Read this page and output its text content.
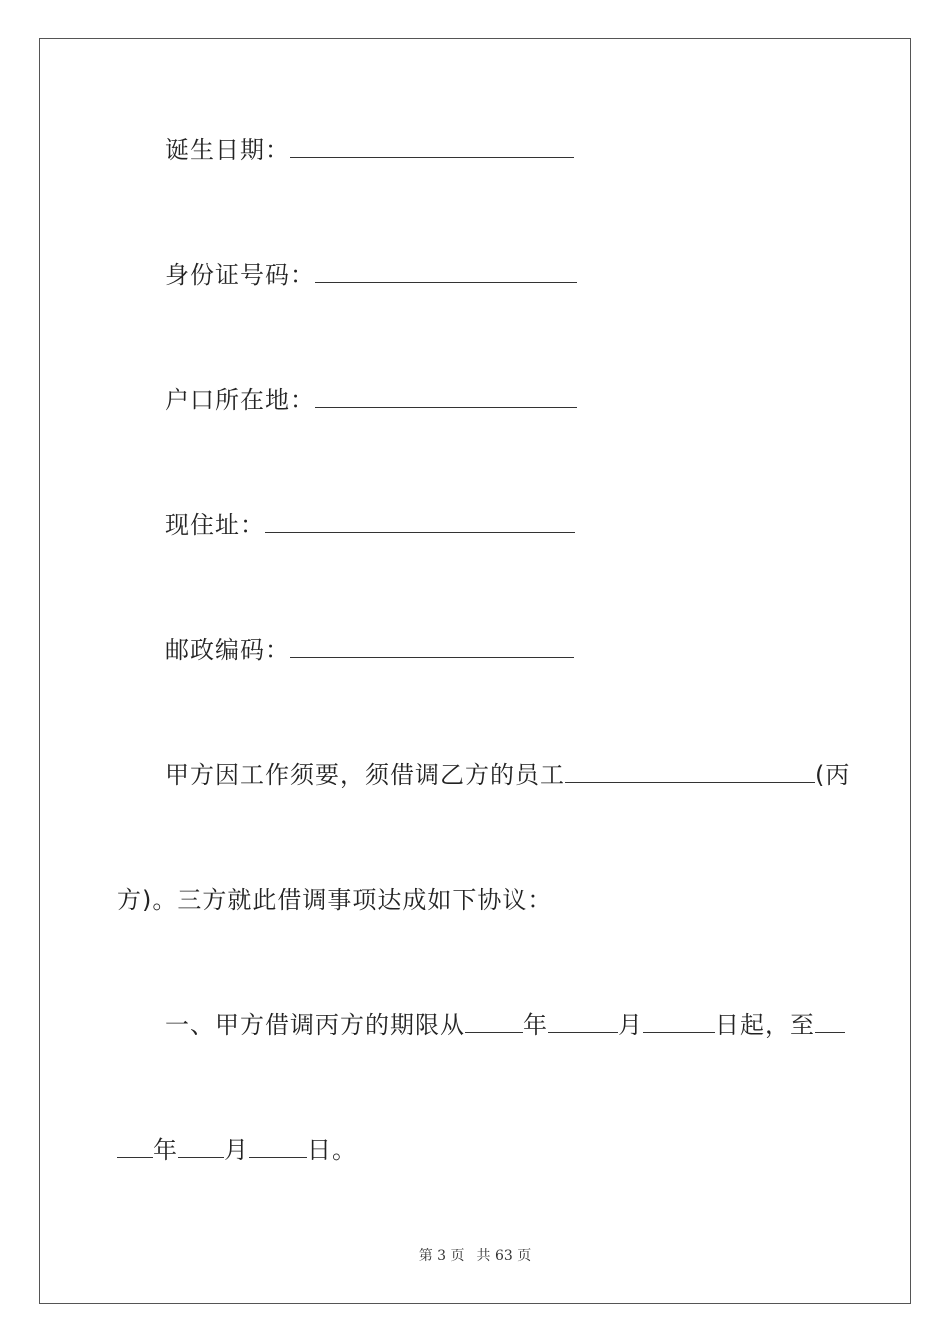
诞生日期：
身份证号码：
户口所在地：
现住址：
邮政编码：
甲方因工作须要，须借调乙方的员工	(丙
方)。三方就此借调事项达成如下协议：
一、甲方借调丙方的期限从 年	月	日起，至
年 月 日。
第 3 页 共 63 页
